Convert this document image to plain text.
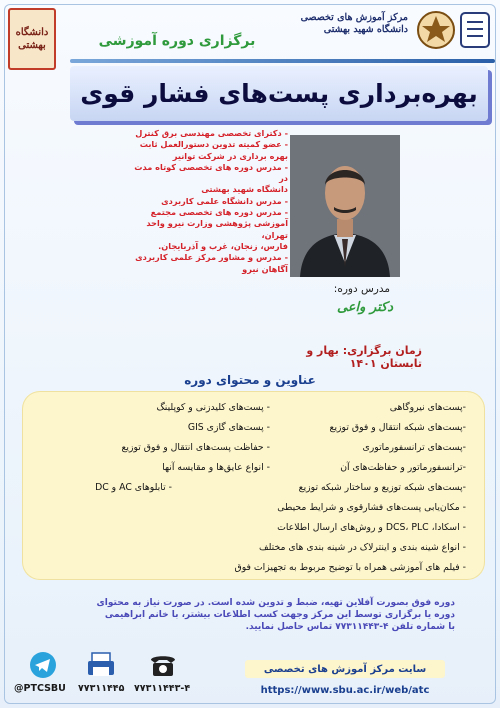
دانشگاه
بهشتی	برگزاری دوره آموزشی
مرکز آموزش های تخصصی
دانشگاه شهید بهشتی
بهره‌برداری پست‌های فشار قوی
- دکترای تخصصی مهندسی برق کنترل
- عضو کمیته تدوین دستورالعمل ثابت
بهره برداری در شرکت توانیر
- مدرس دوره های تخصصی کوتاه مدت در
دانشگاه شهید بهشتی
- مدرس دانشگاه علمی کاربردی
- مدرس دوره های تخصصی مجتمع
آموزشی پژوهشی وزارت نیرو واحد تهران،
فارس، زنجان، غرب و آذربایجان.
- مدرس و مشاور مرکز علمی کاربردی
آگاهان نیرو
مدرس دوره:
دکتر واعی
زمان برگزاری: بهار و تابستان ۱۴۰۱
عناوین و محتوای دوره
-پست‌های نیروگاهی
-پست‌های شبکه انتقال و فوق توزیع
-پست‌های ترانسفورماتوری
-ترانسفورماتور و حفاظت‌های آن
-پست‌های شبکه توزیع و ساختار شبکه توزیع
- مکان‌یابی پست‌های فشارقوی و شرایط محیطی
- اسکادا، DCS، PLC و روش‌های ارسال اطلاعات
- انواع شینه بندی و اینترلاک در شینه بندی های مختلف
- فیلم های آموزشی همراه با توضیح مربوط به تجهیزات فوق
- پست‌های کلیدزنی و کوپلینگ
- پست‌های گازی GIS
- حفاظت پست‌های انتقال و فوق توزیع
- انواع عایق‌ها و مقایسه آنها
- تابلوهای AC و DC
دوره فوق بصورت آفلاین تهیه، ضبط و تدوین شده است. در صورت نیاز به محتوای
دوره یا برگزاری توسط این مرکز وجهت کسب اطلاعات بیشتر، با خانم ابراهیمی
با شماره تلفن ۴-۷۷۳۱۱۴۴۳ تماس حاصل نمایید.
@PTCSBU ۷۷۳۱۱۴۴۵ ۷۷۳۱۱۴۴۳-۴
سایت مرکز آموزش های تخصصی
https://www.sbu.ac.ir/web/atc
